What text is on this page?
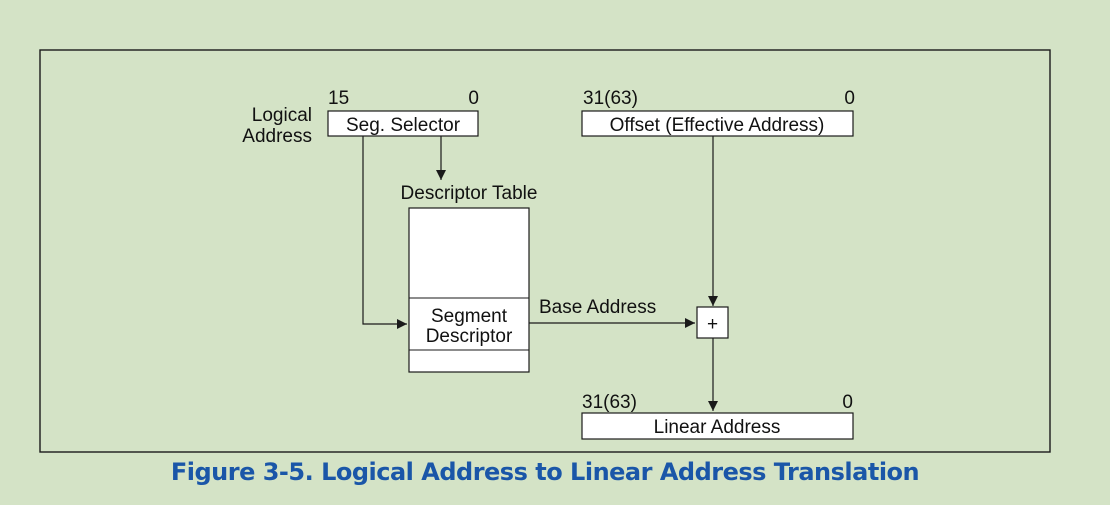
Logical
Address
15	0
Seg. Selector
31(63)	0
Offset (Effective Address)
Descriptor Table
Segment
Descriptor
Base Address
+
31(63)	0
Linear Address
Figure 3-5. Logical Address to Linear Address Translation
